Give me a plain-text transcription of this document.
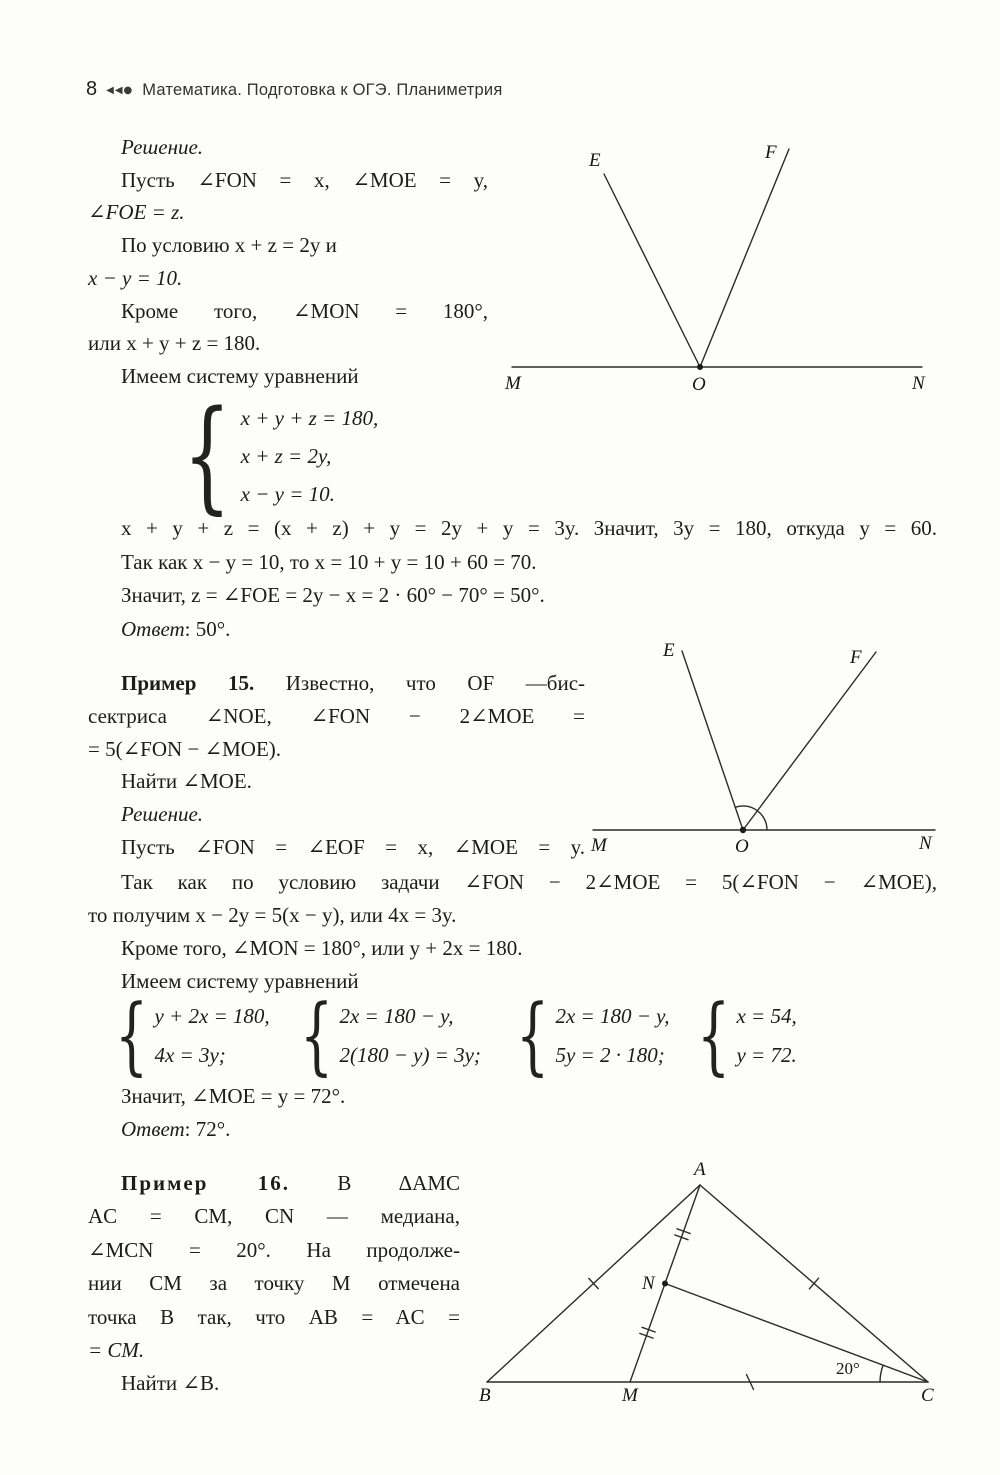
8 ◀◀● Математика. Подготовка к ОГЭ. Планиметрия
Решение.
Пусть ∠FON = x, ∠MOE = y,
∠FOE = z.
По условию x + z = 2y и
x − y = 10.
Кроме того, ∠MON = 180°,
или x + y + z = 180.
Имеем систему уравнений
{ x + y + z = 180,
x + z = 2y,
x − y = 10.
x + y + z = (x + z) + y = 2y + y = 3y. Значит, 3y = 180, откуда y = 60.
Так как x − y = 10, то x = 10 + y = 10 + 60 = 70.
Значит, z = ∠FOE = 2y − x = 2 · 60° − 70° = 50°.
Ответ: 50°.
Пример 15. Известно, что OF —бис-
сектриса ∠NOE, ∠FON − 2∠MOE =
= 5(∠FON − ∠MOE).
Найти ∠MOE.
Решение.
Пусть ∠FON = ∠EOF = x, ∠MOE = y.
Так как по условию задачи ∠FON − 2∠MOE = 5(∠FON − ∠MOE),
то получим x − 2y = 5(x − y), или 4x = 3y.
Кроме того, ∠MON = 180°, или y + 2x = 180.
Имеем систему уравнений
{ y + 2x = 180,
4x = 3y; { 2x = 180 − y,
2(180 − y) = 3y; { 2x = 180 − y,
5y = 2 · 180; { x = 54,
y = 72.
Значит, ∠MOE = y = 72°.
Ответ: 72°.
Пример 16. В ΔAMC
AC = CM, CN — медиана,
∠MCN = 20°. На продолже-
нии CM за точку M отмечена
точка B так, что AB = AC =
= CM.
Найти ∠B.
E	F
M	O	N
E	F
M	O	N
A
B	M	C
N
20°
